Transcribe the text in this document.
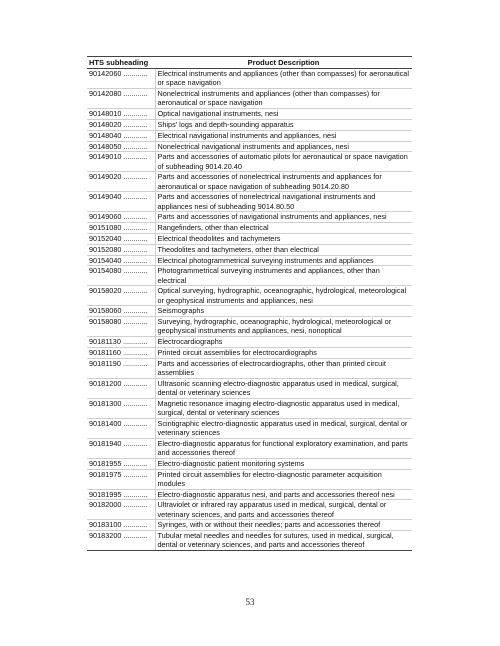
HTS subheading	Product Description
90142060 ............	Electrical instruments and appliances (other than compasses) for aeronautical or space navigation
90142080 ............	Nonelectrical instruments and appliances (other than compasses) for aeronautical or space navigation
90148010 ............	Optical navigational instruments, nesi
90148020 ............	Ships' logs and depth-sounding apparatus
90148040 ............	Electrical navigational instruments and appliances, nesi
90148050 ............	Nonelectrical navigational instruments and appliances, nesi
90149010 ............	Parts and accessories of automatic pilots for aeronautical or space navigation of subheading 9014.20.40
90149020 ............	Parts and accessories of nonelectrical instruments and appliances for aeronautical or space navigation of subheading 9014.20.80
90149040 ............	Parts and accessories of nonelectrical navigational instruments and appliances nesi of subheading 9014.80.50
90149060 ............	Parts and accessories of navigational instruments and appliances, nesi
90151080 ............	Rangefinders, other than electrical
90152040 ............	Electrical theodolites and tachymeters
90152080 ............	Theodolites and tachymeters, other than electrical
90154040 ............	Electrical photogrammetrical surveying instruments and appliances
90154080 ............	Photogrammetrical surveying instruments and appliances, other than electrical
90158020 ............	Optical surveying, hydrographic, oceanographic, hydrological, meteorological or geophysical instruments and appliances, nesi
90158060 ............	Seismographs
90158080 ............	Surveying, hydrographic, oceanographic, hydrological, meteorological or geophysical instruments and appliances, nesi, nonoptical
90181130 ............	Electrocardiographs
90181160 ............	Printed circuit assemblies for electrocardiographs
90181190 ............	Parts and accessories of electrocardiographs, other than printed circuit assemblies
90181200 ............	Ultrasonic scanning electro-diagnostic apparatus used in medical, surgical, dental or veterinary sciences
90181300 ............	Magnetic resonance imaging electro-diagnostic apparatus used in medical, surgical, dental or veterinary sciences
90181400 ............	Scintigraphic electro-diagnostic apparatus used in medical, surgical, dental or veterinary sciences
90181940 ............	Electro-diagnostic apparatus for functional exploratory examination, and parts and accessories thereof
90181955 ............	Electro-diagnostic patient monitoring systems
90181975 ............	Printed circuit assemblies for electro-diagnostic parameter acquisition modules
90181995 ............	Electro-diagnostic apparatus nesi, and parts and accessories thereof nesi
90182000 ............	Ultraviolet or infrared ray apparatus used in medical, surgical, dental or veterinary sciences, and parts and accessories thereof
90183100 ............	Syringes, with or without their needles; parts and accessories thereof
90183200 ............	Tubular metal needles and needles for sutures, used in medical, surgical, dental or veterinary sciences, and parts and accessories thereof
53
